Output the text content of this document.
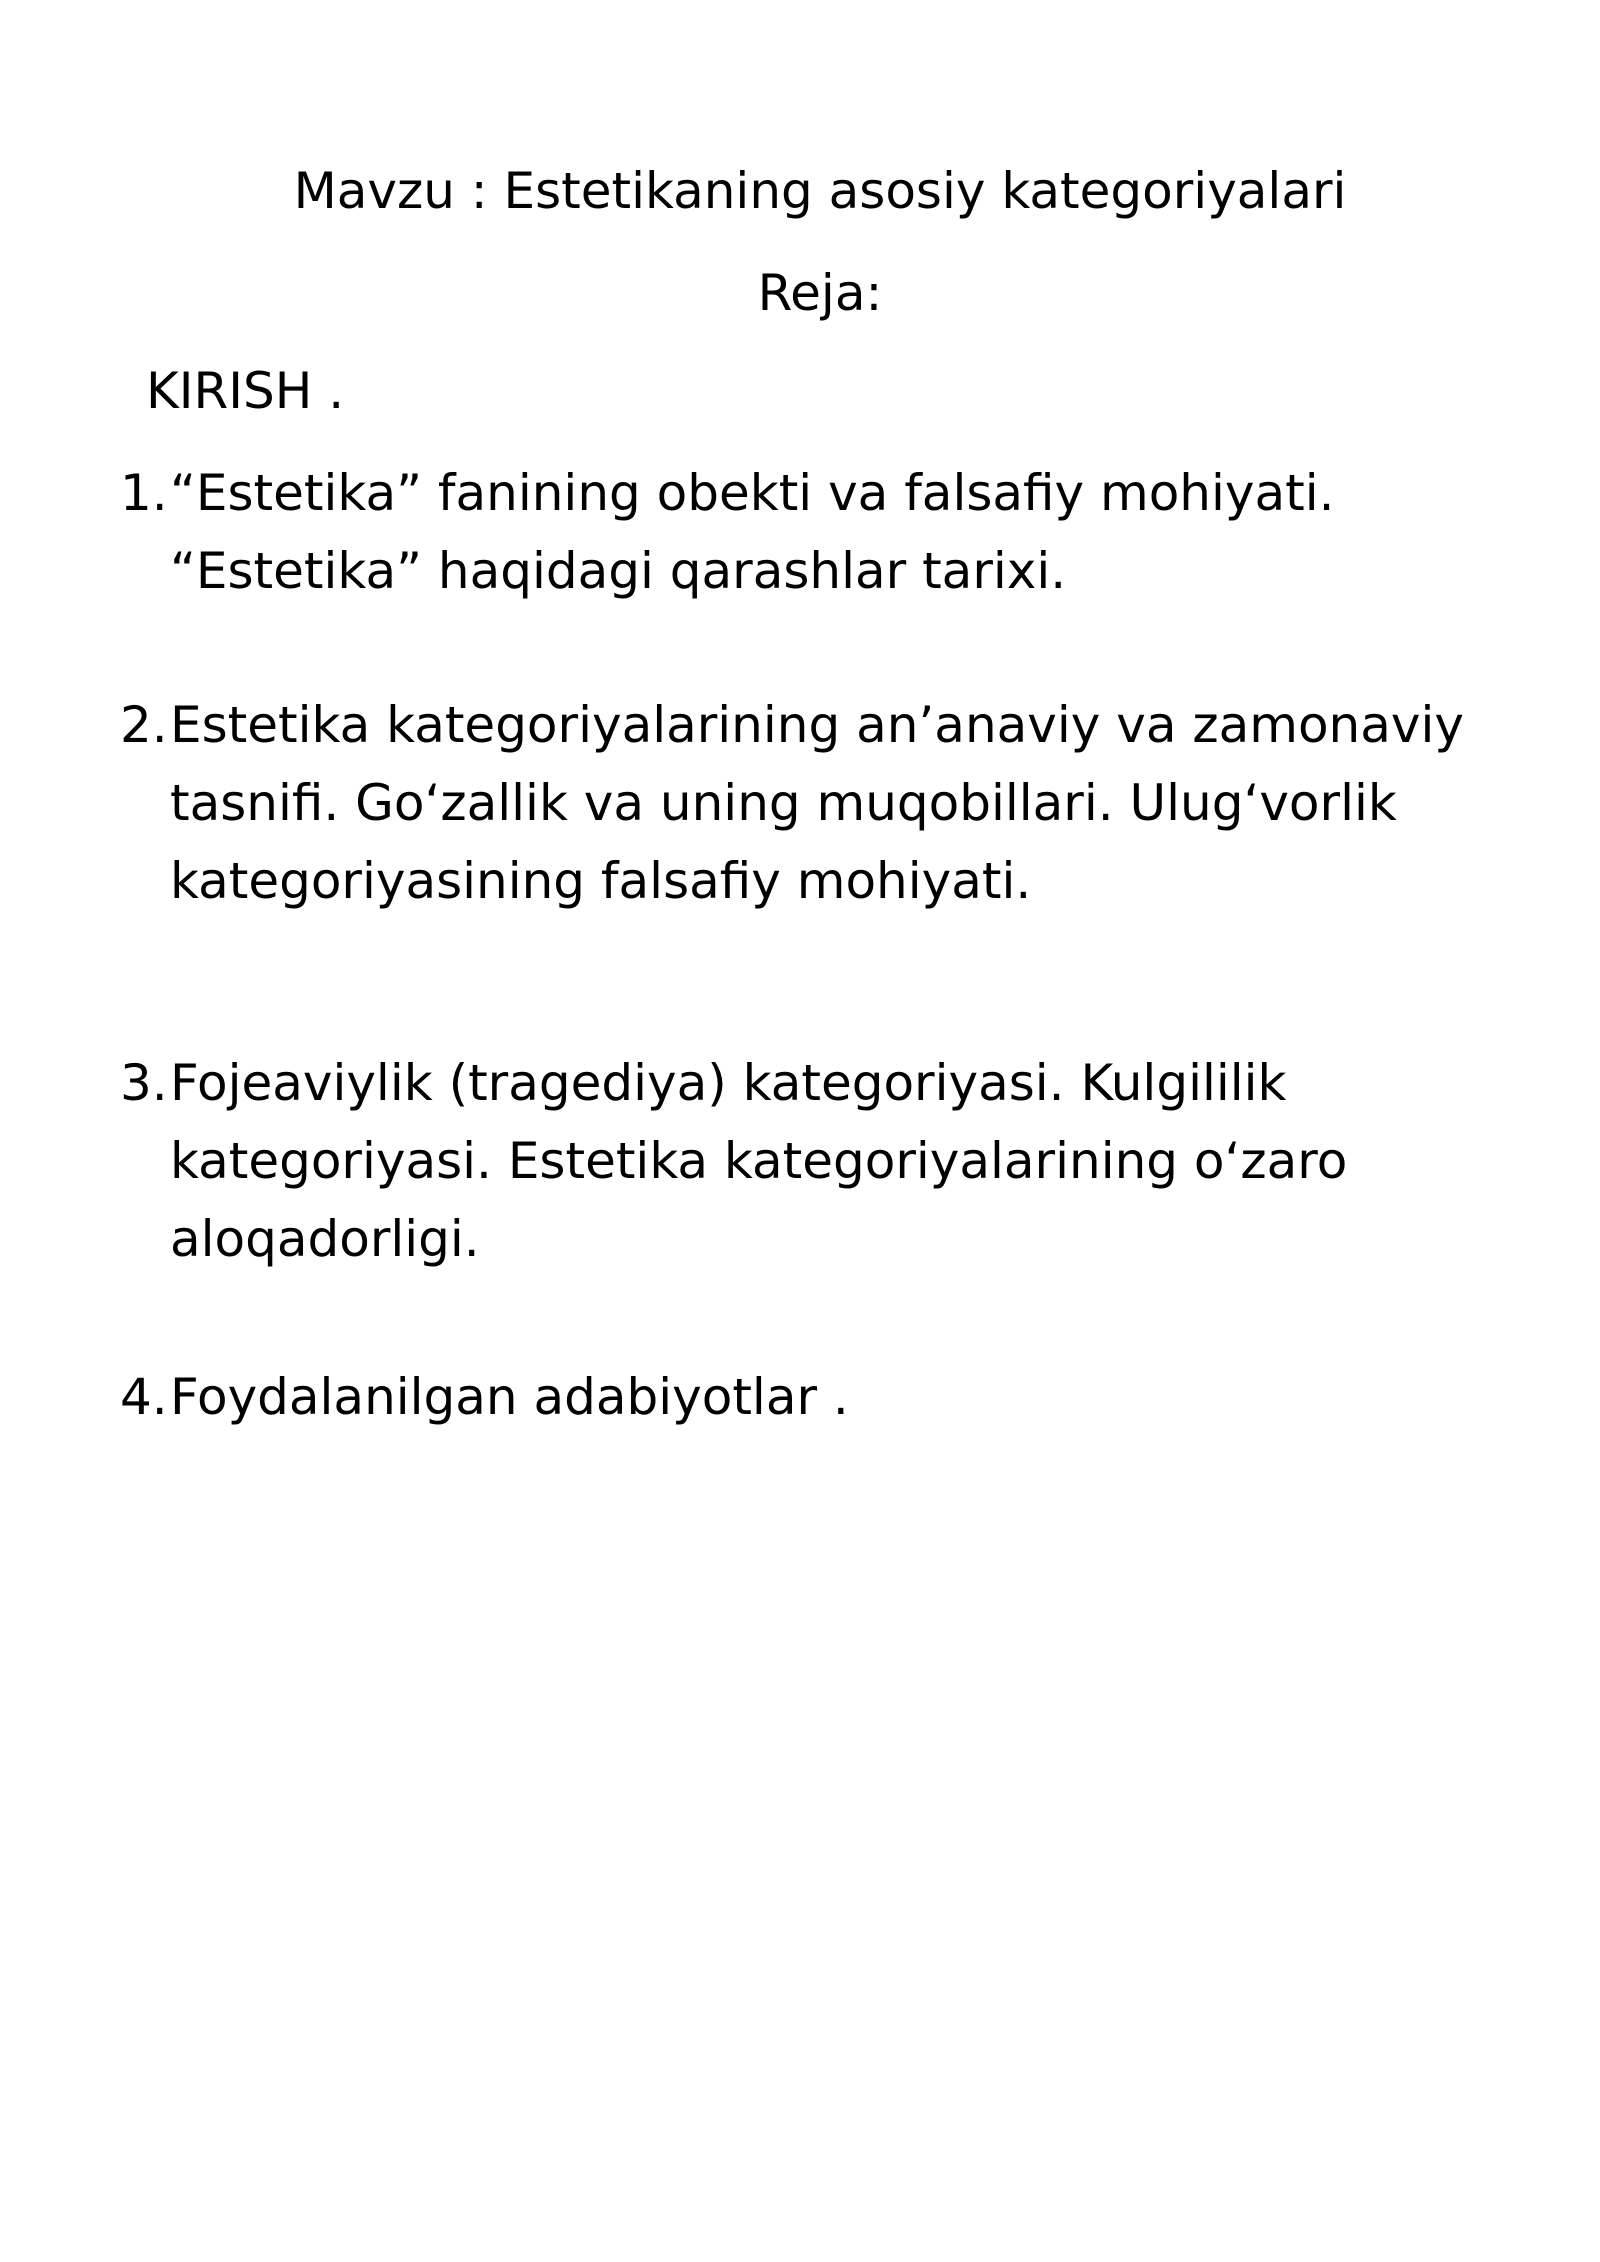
Mavzu : Estetikaning asosiy kategoriyalari
Reja:
KIRISH .
1. “Estetika” fanining obekti va falsafiy mohiyati.
“Estetika” haqidagi qarashlar tarixi.
2. Estetika kategoriyalarining an’anaviy va zamonaviy
tasnifi. Go‘zallik va uning muqobillari. Ulug‘vorlik
kategoriyasining falsafiy mohiyati.
3. Fojeaviylik (tragediya) kategoriyasi. Kulgililik
kategoriyasi. Estetika kategoriyalarining o‘zaro
aloqadorligi.
4. Foydalanilgan adabiyotlar .
